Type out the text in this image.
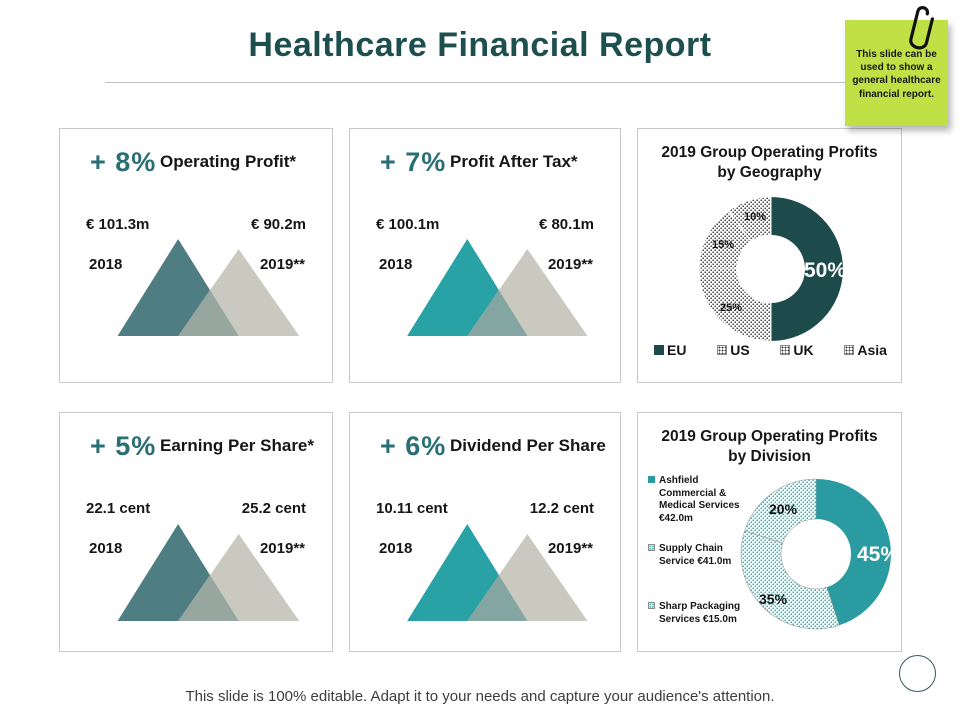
Healthcare Financial Report	This slide can be used to show a general healthcare financial report.
+ 8% Operating Profit*
€ 101.3m	€ 90.2m
2018	2019**
+ 7% Profit After Tax*
€ 100.1m	€ 80.1m
2018	2019**
2019 Group Operating Profits by Geography
50%
25%
15%
10%
EU	US	UK	Asia
+ 5% Earning Per Share*
22.1 cent	25.2 cent
2018	2019**
+ 6% Dividend Per Share
10.11 cent	12.2 cent
2018	2019**
2019 Group Operating Profits by Division
45%
35%
20%
Ashfield Commercial & Medical Services €42.0m
Supply Chain Service €41.0m
Sharp Packaging Services €15.0m
This slide is 100% editable. Adapt it to your needs and capture your audience's attention.
